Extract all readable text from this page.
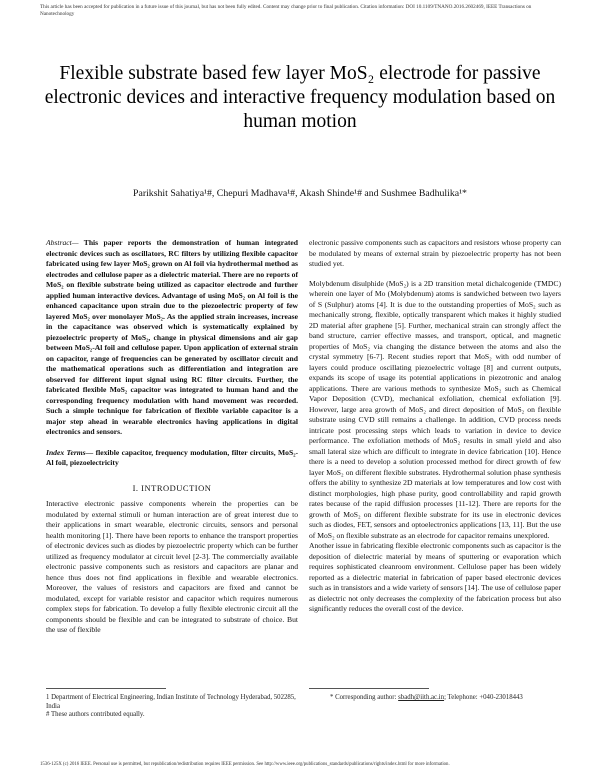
This article has been accepted for publication in a future issue of this journal, but has not been fully edited. Content may change prior to final publication. Citation information: DOI 10.1109/TNANO.2016.2602469, IEEE Transactions on Nanotechnology
Flexible substrate based few layer MoS₂ electrode for passive electronic devices and interactive frequency modulation based on human motion
Parikshit Sahatiya¹#, Chepuri Madhava¹#, Akash Shinde¹# and Sushmee Badhulika¹*

Abstract— This paper reports the demonstration of human integrated electronic devices such as oscillators, RC filters by utilizing flexible capacitor fabricated using few layer MoS₂ grown on Al foil via hydrothermal method as electrodes and cellulose paper as a dielectric material. There are no reports of MoS₂ on flexible substrate being utilized as capacitor electrode and further applied human interactive devices. Advantage of using MoS₂ on Al foil is the enhanced capacitance upon strain due to the piezoelectric property of few layered MoS₂ over monolayer MoS₂. As the applied strain increases, increase in the capacitance was observed which is systematically explained by piezoelectric property of MoS₂, change in physical dimensions and air gap between MoS₂-Al foil and cellulose paper. Upon application of external strain on capacitor, range of frequencies can be generated by oscillator circuit and the mathematical operations such as differentiation and integration are observed for different input signal using RC filter circuits. Further, the fabricated flexible MoS₂ capacitor was integrated to human hand and the corresponding frequency modulation with hand movement was recorded. Such a simple technique for fabrication of flexible variable capacitor is a major step ahead in wearable electronics having applications in digital electronics and sensors.

Index Terms— flexible capacitor, frequency modulation, filter circuits, MoS₂-Al foil, piezoelectricity

I. INTRODUCTION

Interactive electronic passive components wherein the properties can be modulated by external stimuli or human interaction are of great interest due to their applications in smart wearable, electronic circuits, sensors and personal health monitoring [1]. There have been reports to enhance the transport properties of electronic devices such as diodes by piezoelectric property which can be further utilized as frequency modulator at circuit level [2-3]. The commercially available electronic passive components such as resistors and capacitors are planar and hence thus does not find applications in flexible and wearable electronics. Moreover, the values of resistors and capacitors are fixed and cannot be modulated, except for variable resistor and capacitor which requires numerous complex steps for fabrication. To develop a fully flexible electronic circuit all the components should be flexible and can be integrated to substrate of choice. But the use of flexible

electronic passive components such as capacitors and resistors whose property can be modulated by means of external strain by piezoelectric property has not been studied yet.

Molybdenum disulphide (MoS₂) is a 2D transition metal dichalcogenide (TMDC) wherein one layer of Mo (Molybdenum) atoms is sandwiched between two layers of S (Sulphur) atoms [4]. It is due to the outstanding properties of MoS₂ such as mechanically strong, flexible, optically transparent which makes it highly studied 2D material after graphene [5]. Further, mechanical strain can strongly affect the band structure, carrier effective masses, and transport, optical, and magnetic properties of MoS₂ via changing the distance between the atoms and also the crystal symmetry [6-7]. Recent studies report that MoS₂ with odd number of layers could produce oscillating piezoelectric voltage [8] and current outputs, expands its scope of usage its potential applications in piezotronic and analog applications. There are various methods to synthesize MoS₂ such as Chemical Vapor Deposition (CVD), mechanical exfoliation, chemical exfoliation [9]. However, large area growth of MoS₂ and direct deposition of MoS₂ on flexible substrate using CVD still remains a challenge. In addition, CVD process needs intricate post processing steps which leads to variation in device to device performance. The exfoliation methods of MoS₂ results in small yield and also small lateral size which are difficult to integrate in device fabrication [10]. Hence there is a need to develop a solution processed method for direct growth of few layer MoS₂ on different flexible substrates. Hydrothermal solution phase synthesis offers the ability to synthesize 2D materials at low temperatures and low cost with distinct morphologies, high phase purity, good controllability and rapid growth rates because of the rapid diffusion processes [11-12]. There are reports for the growth of MoS₂ on different flexible substrate for its use in electronic devices such as diodes, FET, sensors and optoelectronics applications [13, 11]. But the use of MoS₂ on flexible substrate as an electrode for capacitor remains unexplored.

Another issue in fabricating flexible electronic components such as capacitor is the deposition of dielectric material by means of sputtering or evaporation which requires sophisticated cleanroom environment. Cellulose paper has been widely reported as a dielectric material in fabrication of paper based electronic devices such as in transistors and a wide variety of sensors [14]. The use of cellulose paper as dielectric not only decreases the complexity of the fabrication process but also significantly reduces the overall cost of the device.

1 Department of Electrical Engineering, Indian Institute of Technology Hyderabad, 502285, India
# These authors contributed equally.
* Corresponding author: sbadh@iith.ac.in; Telephone: +040-23018443
1536-125X (c) 2016 IEEE. Personal use is permitted, but republication/redistribution requires IEEE permission. See http://www.ieee.org/publications_standards/publications/rights/index.html for more information.
